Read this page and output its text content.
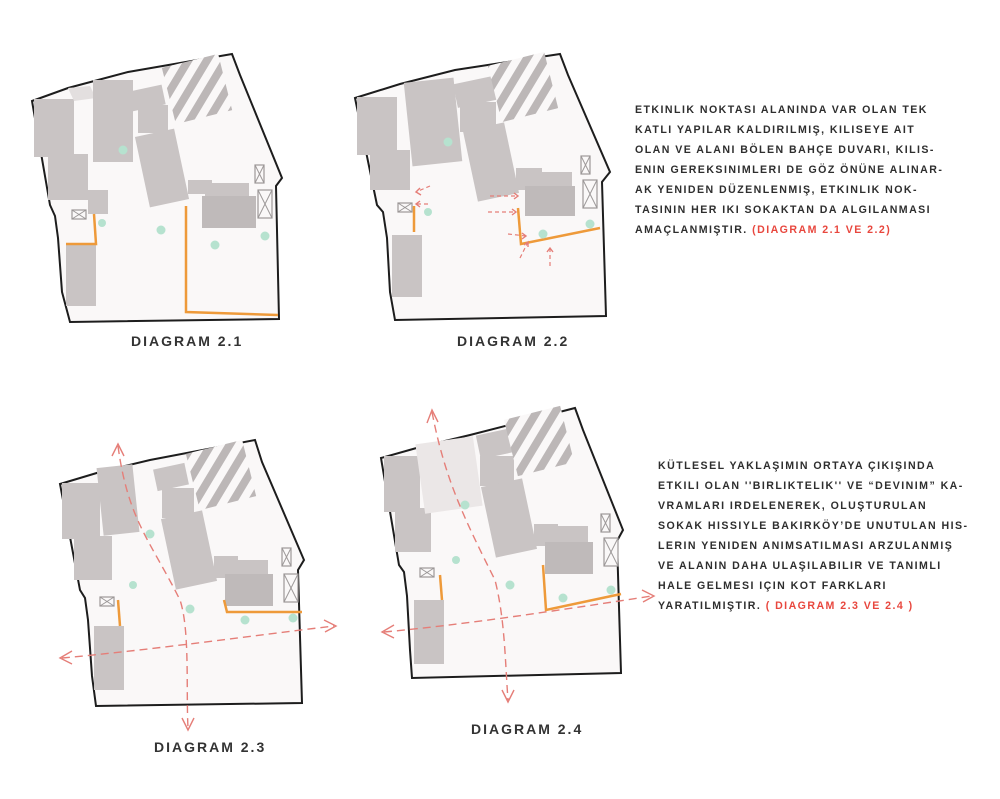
DIAGRAM 2.1	DIAGRAM 2.2
DIAGRAM 2.3
DIAGRAM 2.4
ETKINLIK NOKTASI ALANINDA VAR OLAN TEK
KATLI YAPILAR KALDIRILMIŞ, KILISEYE AIT
OLAN VE ALANI BÖLEN BAHÇE DUVARI, KILIS-
ENIN GEREKSINIMLERI DE GÖZ ÖNÜNE ALINAR-
AK YENIDEN DÜZENLENMIŞ, ETKINLIK NOK-
TASININ HER IKI SOKAKTAN DA ALGILANMASI
AMAÇLANMIŞTIR. (DIAGRAM 2.1 VE 2.2)
KÜTLESEL YAKLAŞIMIN ORTAYA ÇIKIŞINDA
ETKILI OLAN ''BIRLIKTELIK'' VE “DEVINIM” KA-
VRAMLARI IRDELENEREK, OLUŞTURULAN
SOKAK HISSIYLE BAKIRKÖY’DE UNUTULAN HIS-
LERIN YENIDEN ANIMSATILMASI ARZULANMIŞ
VE ALANIN DAHA ULAŞILABILIR VE TANIMLI
HALE GELMESI IÇIN KOT FARKLARI
YARATILMIŞTIR. ( DIAGRAM 2.3 VE 2.4 )
